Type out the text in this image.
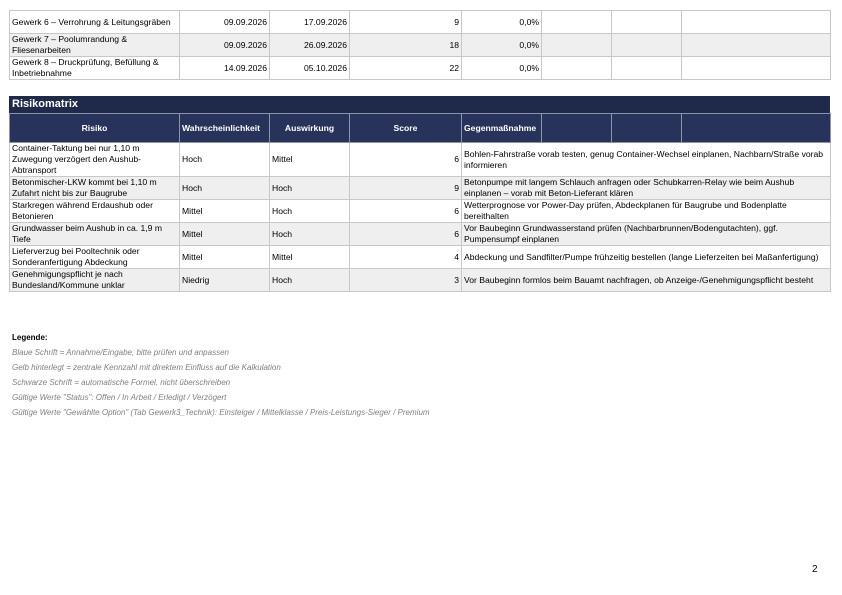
Gewerk 6 – Verrohrung & Leitungsgräben	09.09.2026	17.09.2026	9	0,0%			
Gewerk 7 – Poolumrandung & Fliesenarbeiten	09.09.2026	26.09.2026	18	0,0%			
Gewerk 8 – Druckprüfung, Befüllung & Inbetriebnahme	14.09.2026	05.10.2026	22	0,0%			
Risikomatrix
Risiko	Wahrscheinlichkeit	Auswirkung	Score	Gegenmaßnahme			
Container-Taktung bei nur 1,10 m Zuwegung verzögert den Aushub-Abtransport	Hoch	Mittel	6	Bohlen-Fahrstraße vorab testen, genug Container-Wechsel einplanen, Nachbarn/Straße vorab informieren			
Betonmischer-LKW kommt bei 1,10 m Zufahrt nicht bis zur Baugrube	Hoch	Hoch	9	Betonpumpe mit langem Schlauch anfragen oder Schubkarren-Relay wie beim Aushub einplanen – vorab mit Beton-Lieferant klären			
Starkregen während Erdaushub oder Betonieren	Mittel	Hoch	6	Wetterprognose vor Power-Day prüfen, Abdeckplanen für Baugrube und Bodenplatte bereithalten			
Grundwasser beim Aushub in ca. 1,9 m Tiefe	Mittel	Hoch	6	Vor Baubeginn Grundwasserstand prüfen (Nachbarbrunnen/Bodengutachten), ggf. Pumpensumpf einplanen			
Lieferverzug bei Pooltechnik oder Sonderanfertigung Abdeckung	Mittel	Mittel	4	Abdeckung und Sandfilter/Pumpe frühzeitig bestellen (lange Lieferzeiten bei Maßanfertigung)			
Genehmigungspflicht je nach Bundesland/Kommune unklar	Niedrig	Hoch	3	Vor Baubeginn formlos beim Bauamt nachfragen, ob Anzeige-/Genehmigungspflicht besteht			
Legende:
Blaue Schrift = Annahme/Eingabe, bitte prüfen und anpassen
Gelb hinterlegt = zentrale Kennzahl mit direktem Einfluss auf die Kalkulation
Schwarze Schrift = automatische Formel, nicht überschreiben
Gültige Werte "Status": Offen / In Arbeit / Erledigt / Verzögert
Gültige Werte "Gewählte Option" (Tab Gewerk3_Technik): Einsteiger / Mittelklasse / Preis-Leistungs-Sieger / Premium
2
